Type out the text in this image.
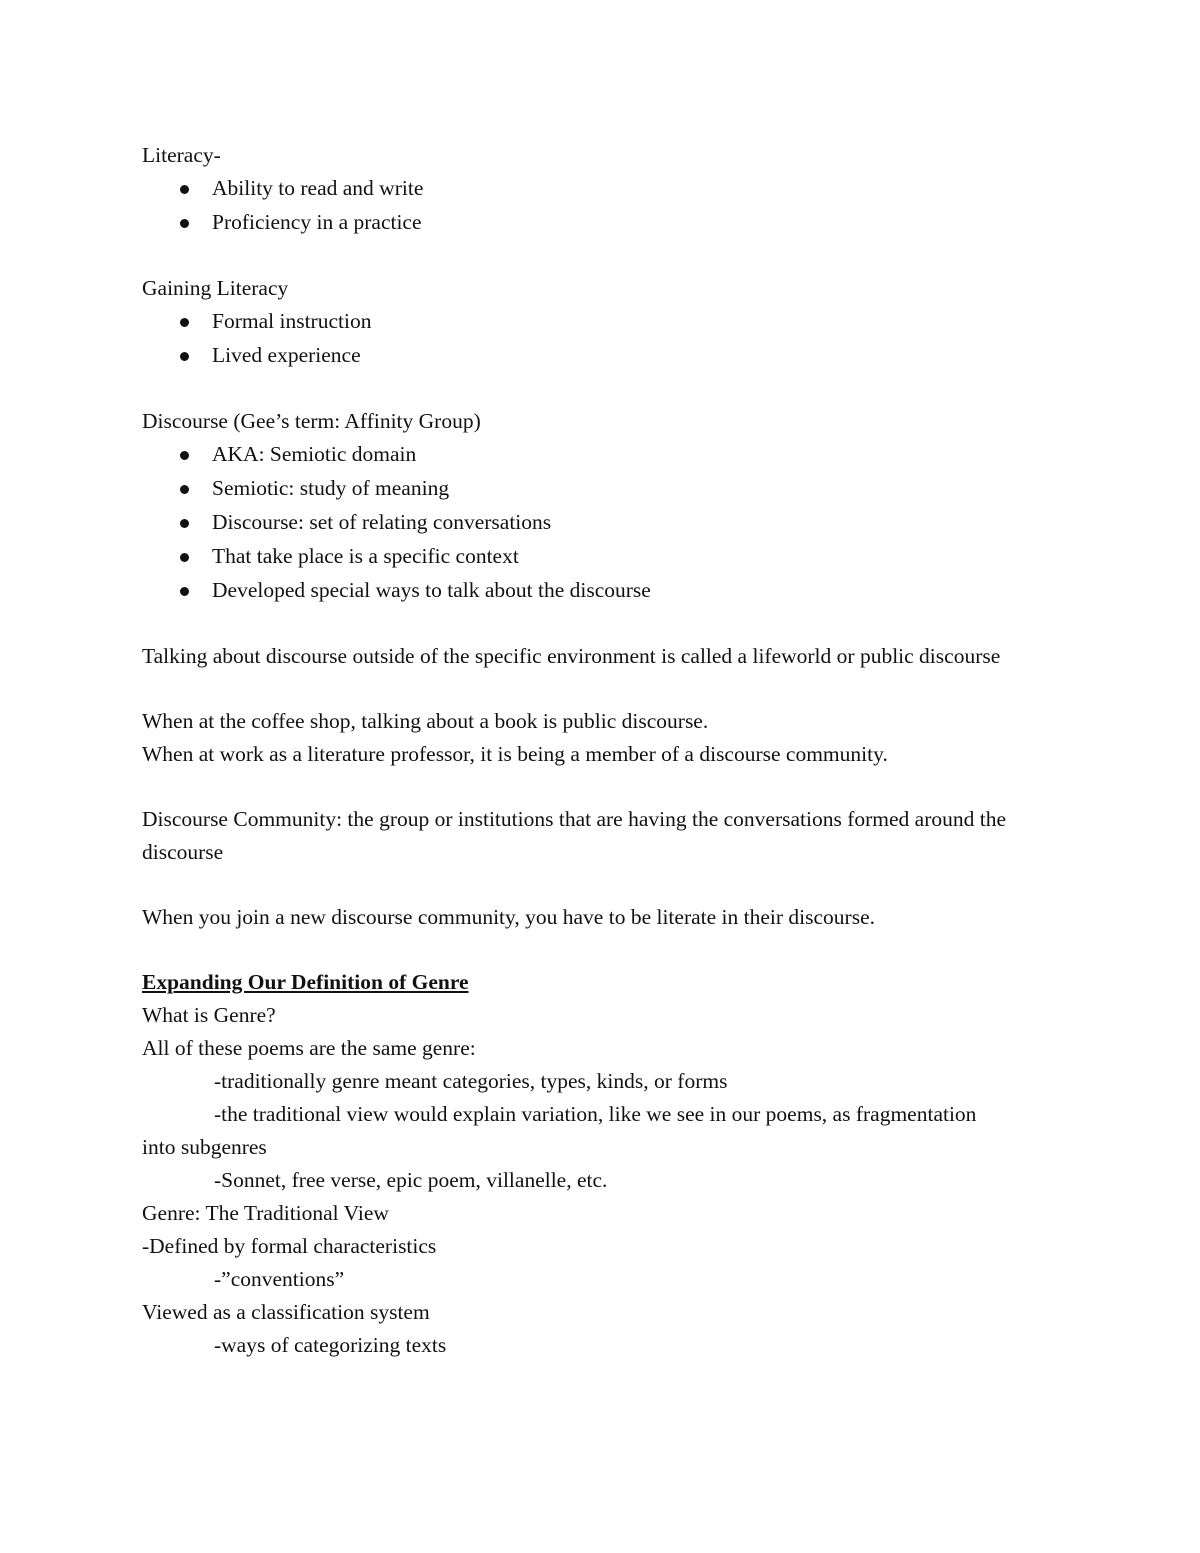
Literacy-

Ability to read and write
Proficiency in a practice

Gaining Literacy

Formal instruction
Lived experience

Discourse (Gee’s term: Affinity Group)

AKA: Semiotic domain
Semiotic: study of meaning
Discourse: set of relating conversations
That take place is a specific context
Developed special ways to talk about the discourse

Talking about discourse outside of the specific environment is called a lifeworld or public discourse

When at the coffee shop, talking about a book is public discourse.

When at work as a literature professor, it is being a member of a discourse community.

Discourse Community: the group or institutions that are having the conversations formed around the discourse

When you join a new discourse community, you have to be literate in their discourse.

Expanding Our Definition of Genre

What is Genre?

All of these poems are the same genre:

-traditionally genre meant categories, types, kinds, or forms

-the traditional view would explain variation, like we see in our poems, as fragmentation

into subgenres

-Sonnet, free verse, epic poem, villanelle, etc.

Genre: The Traditional View

-Defined by formal characteristics

-”conventions”

Viewed as a classification system

-ways of categorizing texts
